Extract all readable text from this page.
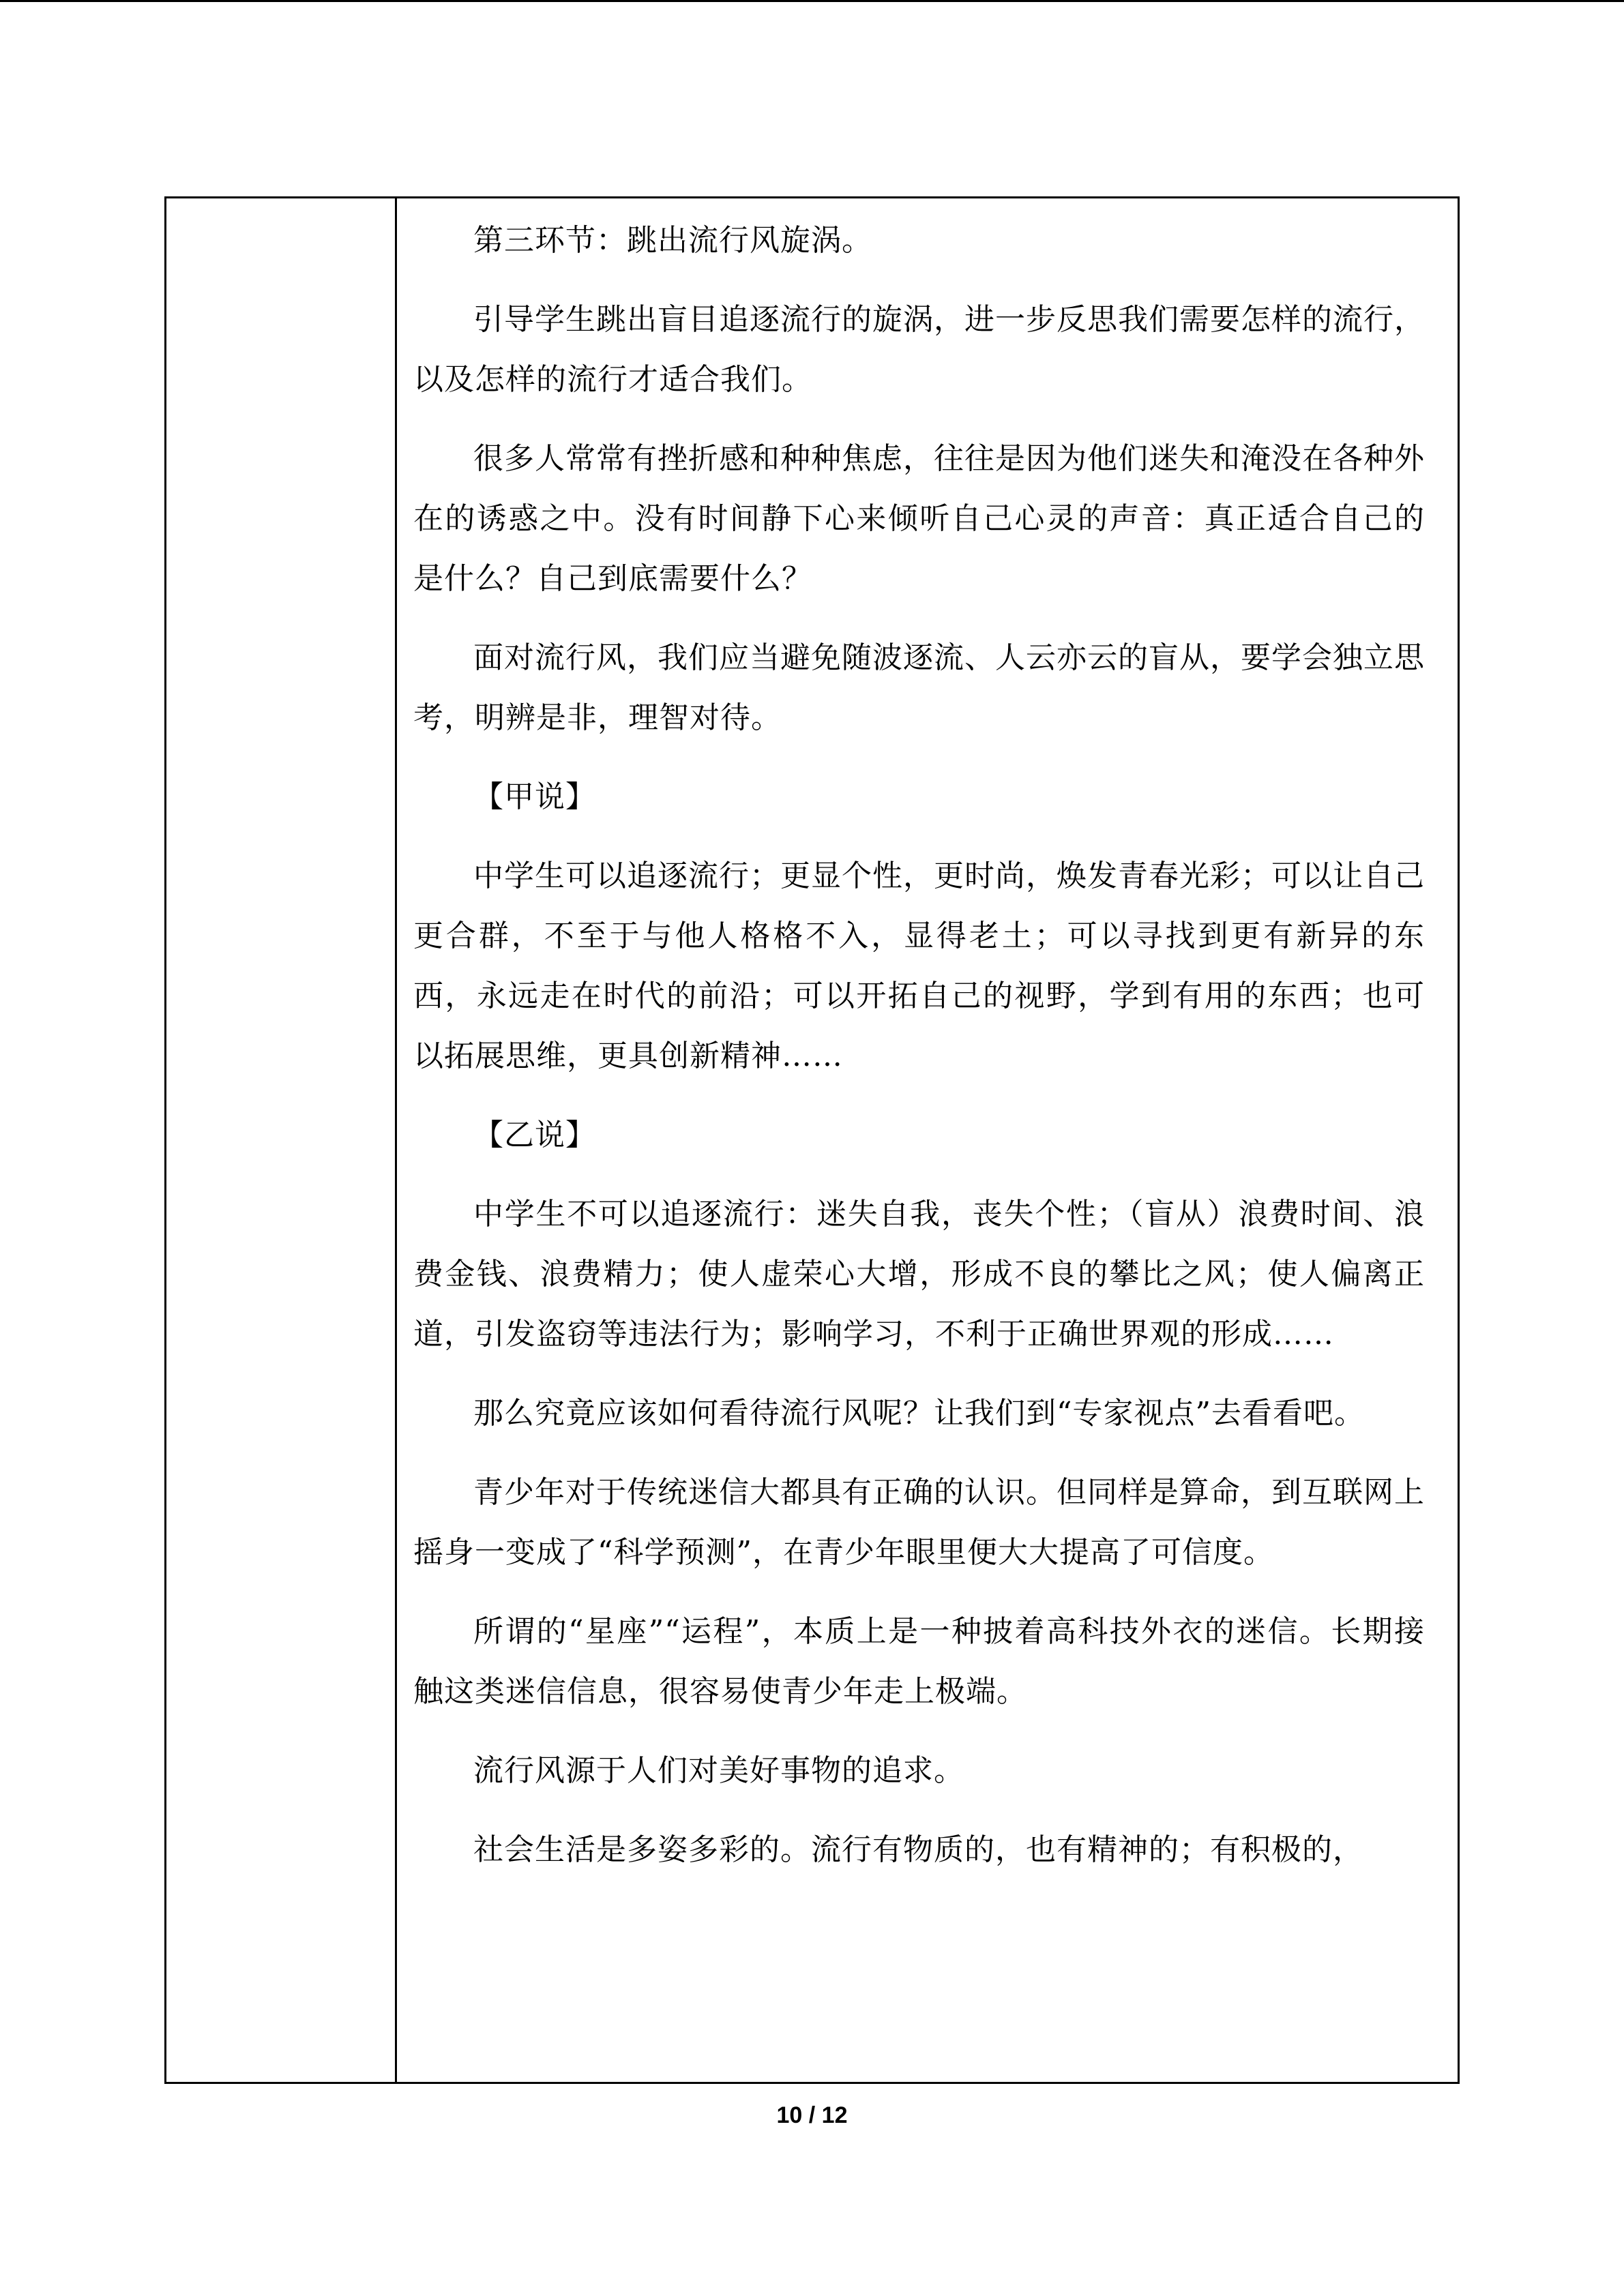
第三环节：跳出流行风旋涡。

引导学生跳出盲目追逐流行的旋涡，进一步反思我们需要怎样的流行，以及怎样的流行才适合我们。

很多人常常有挫折感和种种焦虑，往往是因为他们迷失和淹没在各种外在的诱惑之中。没有时间静下心来倾听自己心灵的声音：真正适合自己的是什么？自己到底需要什么？

面对流行风，我们应当避免随波逐流、人云亦云的盲从，要学会独立思考，明辨是非，理智对待。

【甲说】

中学生可以追逐流行；更显个性，更时尚，焕发青春光彩；可以让自己更合群，不至于与他人格格不入，显得老土；可以寻找到更有新异的东西，永远走在时代的前沿；可以开拓自己的视野，学到有用的东西；也可以拓展思维，更具创新精神……

【乙说】

中学生不可以追逐流行：迷失自我，丧失个性；（盲从）浪费时间、浪费金钱、浪费精力；使人虚荣心大增，形成不良的攀比之风；使人偏离正道，引发盗窃等违法行为；影响学习，不利于正确世界观的形成……

那么究竟应该如何看待流行风呢？让我们到“专家视点”去看看吧。

青少年对于传统迷信大都具有正确的认识。但同样是算命，到互联网上摇身一变成了“科学预测”，在青少年眼里便大大提高了可信度。

所谓的“星座”“运程”，本质上是一种披着高科技外衣的迷信。长期接触这类迷信信息，很容易使青少年走上极端。

流行风源于人们对美好事物的追求。

社会生活是多姿多彩的。流行有物质的，也有精神的；有积极的，

10 / 12
